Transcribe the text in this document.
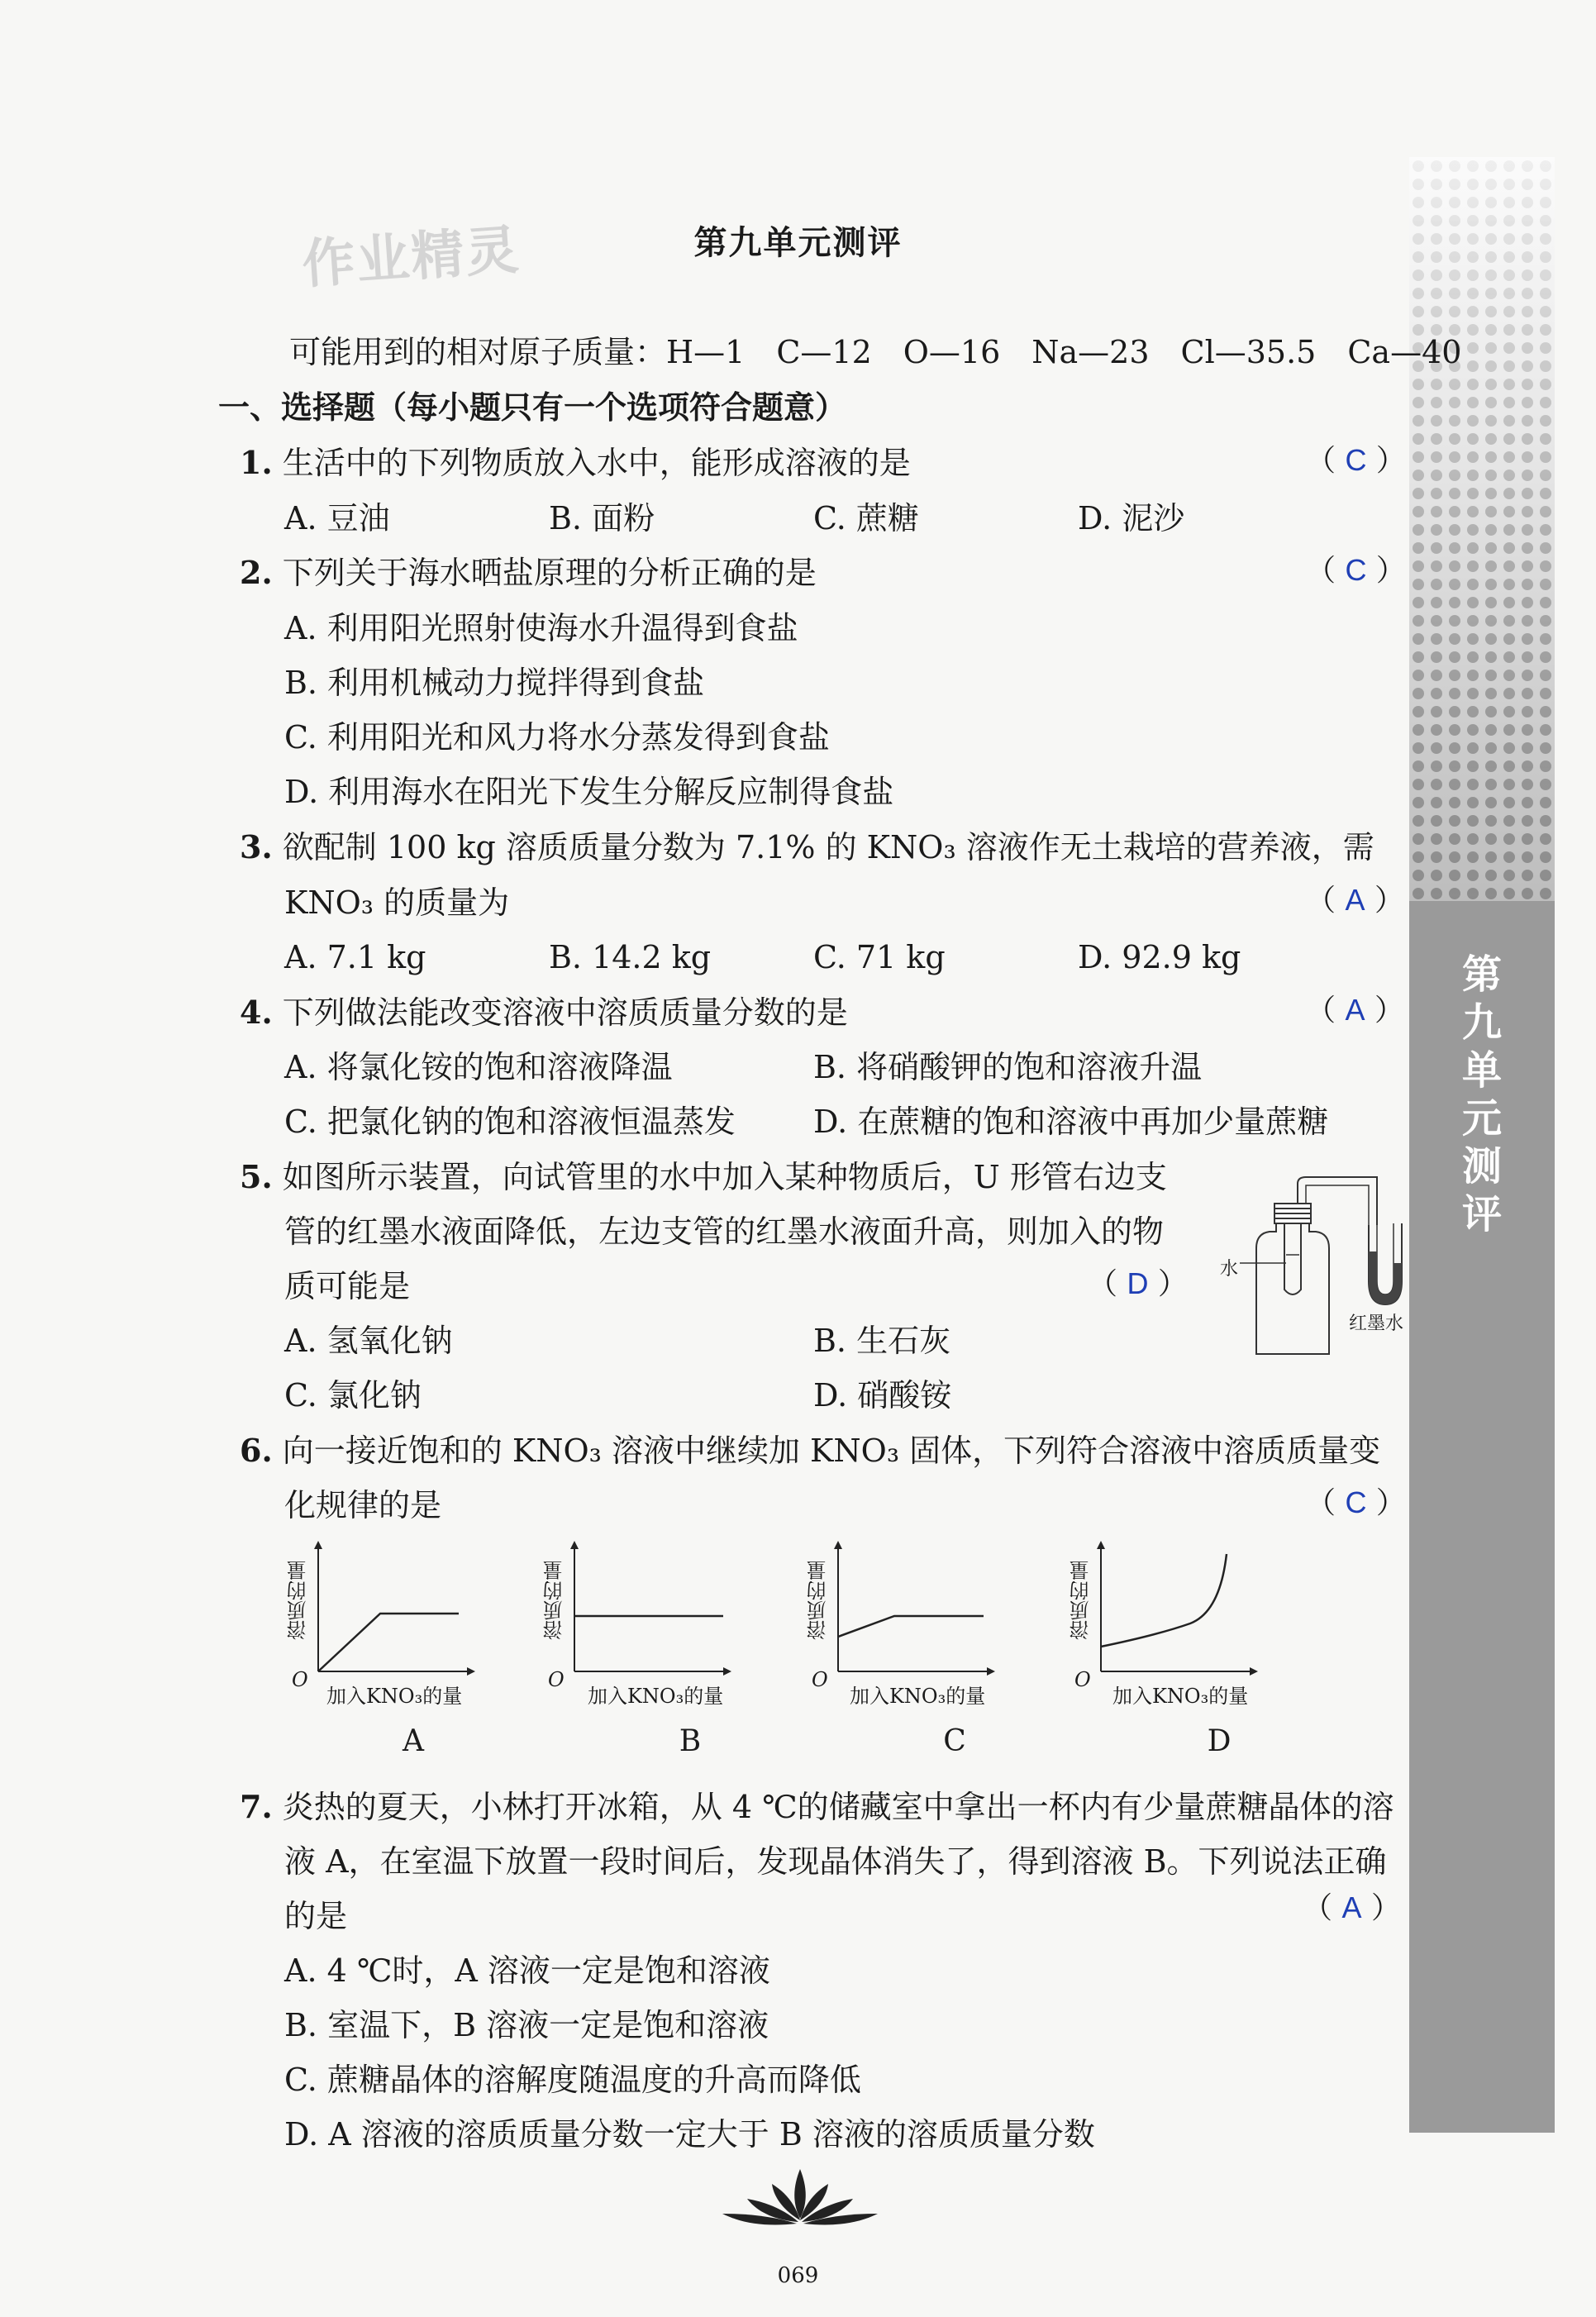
第
九
单
元
测
评
作业精灵	第九单元测评
可能用到的相对原子质量：H—1　C—12　O—16　Na—23　Cl—35.5　Ca—40
一、选择题（每小题只有一个选项符合题意）
1. 生活中的下列物质放入水中，能形成溶液的是	（ C ）
A. 豆油	B. 面粉	C. 蔗糖	D. 泥沙
2. 下列关于海水晒盐原理的分析正确的是	（ C ）
A. 利用阳光照射使海水升温得到食盐
B. 利用机械动力搅拌得到食盐
C. 利用阳光和风力将水分蒸发得到食盐
D. 利用海水在阳光下发生分解反应制得食盐
3. 欲配制 100 kg 溶质质量分数为 7.1% 的 KNO₃ 溶液作无土栽培的营养液，需
KNO₃ 的质量为	（ A ）
A. 7.1 kg	B. 14.2 kg	C. 71 kg	D. 92.9 kg
4. 下列做法能改变溶液中溶质质量分数的是	（ A ）
A. 将氯化铵的饱和溶液降温	B. 将硝酸钾的饱和溶液升温
C. 把氯化钠的饱和溶液恒温蒸发 D. 在蔗糖的饱和溶液中再加少量蔗糖
5. 如图所示装置，向试管里的水中加入某种物质后，U 形管右边支
管的红墨水液面降低，左边支管的红墨水液面升高，则加入的物
质可能是	（ D ）
A. 氢氧化钠	B. 生石灰
C. 氯化钠	D. 硝酸铵
水
红墨水
6. 向一接近饱和的 KNO₃ 溶液中继续加 KNO₃ 固体，下列符合溶液中溶质质量变
化规律的是	（ C ）
溶质的量
O
加入KNO₃的量
溶质的量
O
加入KNO₃的量
溶质的量
O
加入KNO₃的量
溶质的量
O
加入KNO₃的量
A	B	C	D
7. 炎热的夏天，小林打开冰箱，从 4 ℃的储藏室中拿出一杯内有少量蔗糖晶体的溶
液 A，在室温下放置一段时间后，发现晶体消失了，得到溶液 B。下列说法正确
的是	（ A ）
A. 4 ℃时，A 溶液一定是饱和溶液
B. 室温下，B 溶液一定是饱和溶液
C. 蔗糖晶体的溶解度随温度的升高而降低
D. A 溶液的溶质质量分数一定大于 B 溶液的溶质质量分数
069
